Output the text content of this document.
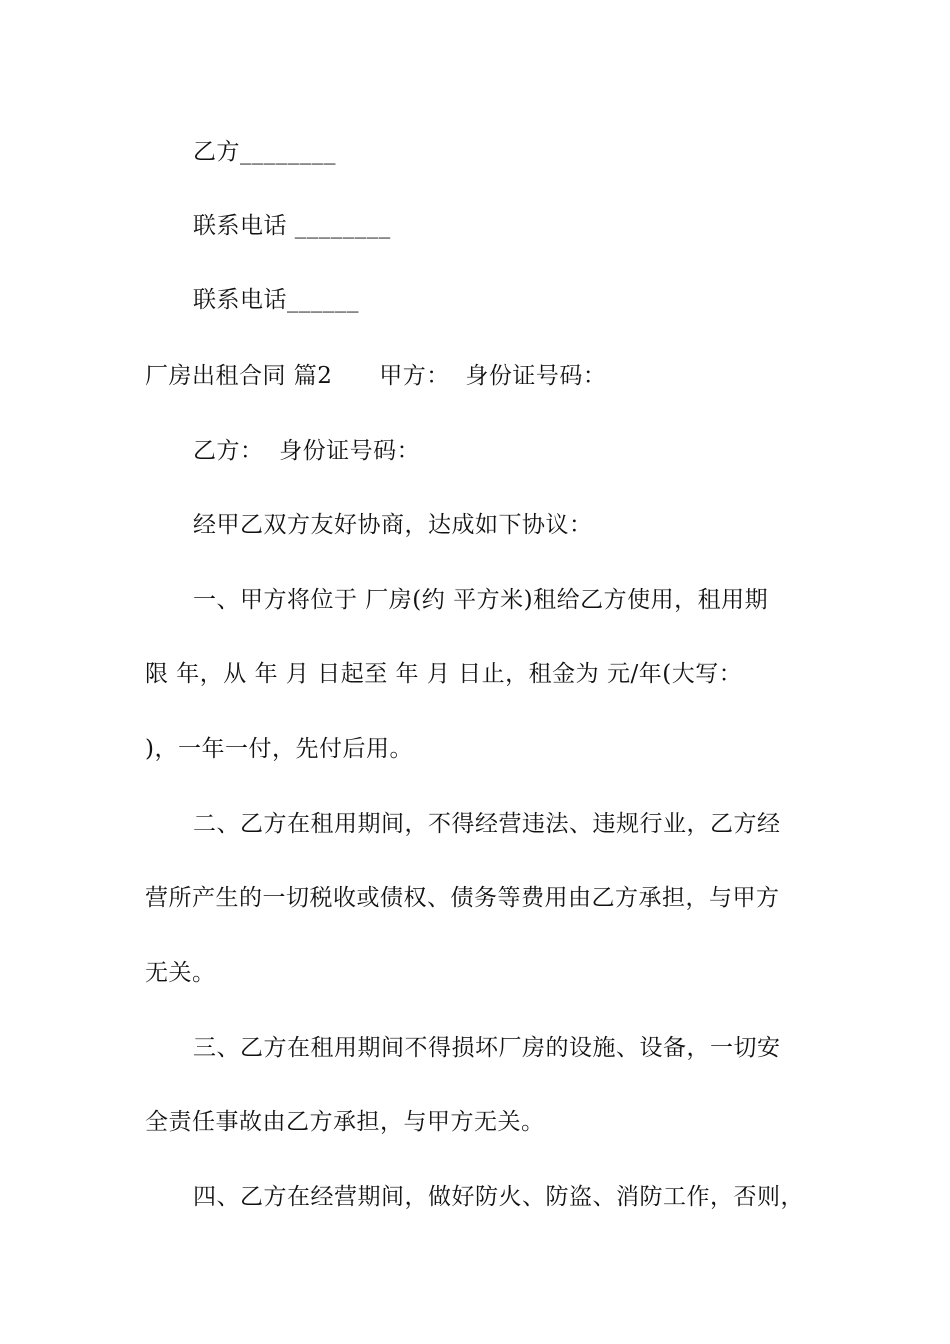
乙方________
联系电话 ________
联系电话______
厂房出租合同 篇2      甲方：  身份证号码：
乙方：  身份证号码：
经甲乙双方友好协商，达成如下协议：
一、甲方将位于 厂房(约 平方米)租给乙方使用，租用期
限 年，从 年 月 日起至 年 月 日止，租金为 元/年(大写：
)，一年一付，先付后用。
二、乙方在租用期间，不得经营违法、违规行业，乙方经
营所产生的一切税收或债权、债务等费用由乙方承担，与甲方
无关。
三、乙方在租用期间不得损坏厂房的设施、设备，一切安
全责任事故由乙方承担，与甲方无关。
四、乙方在经营期间，做好防火、防盗、消防工作，否则，
